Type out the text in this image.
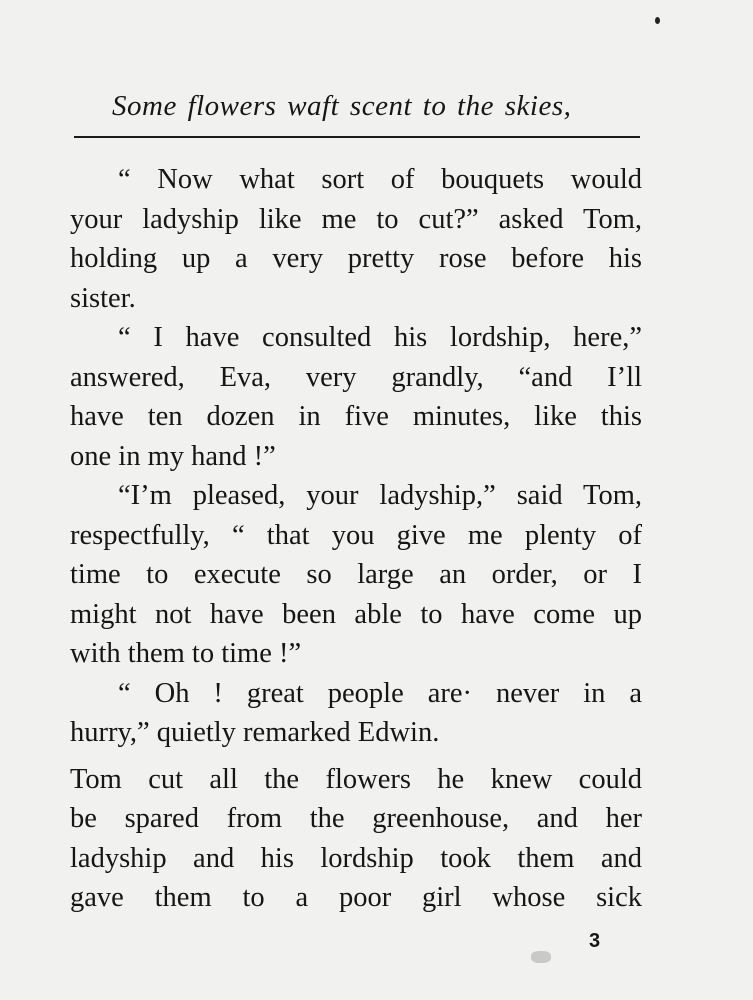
Some flowers waft scent to the skies,
“ Now what sort of bouquets would
your ladyship like me to cut?” asked Tom,
holding up a very pretty rose before his
sister.
“ I have consulted his lordship, here,”
answered, Eva, very grandly, “and I’ll
have ten dozen in five minutes, like this
one in my hand !”
“I’m pleased, your ladyship,” said Tom,
respectfully, “ that you give me plenty of
time to execute so large an order, or I
might not have been able to have come up
with them to time !”
“ Oh ! great people are· never in a
hurry,” quietly remarked Edwin.
Tom cut all the flowers he knew could
be spared from the greenhouse, and her
ladyship and his lordship took them and
gave them to a poor girl whose sick
3
